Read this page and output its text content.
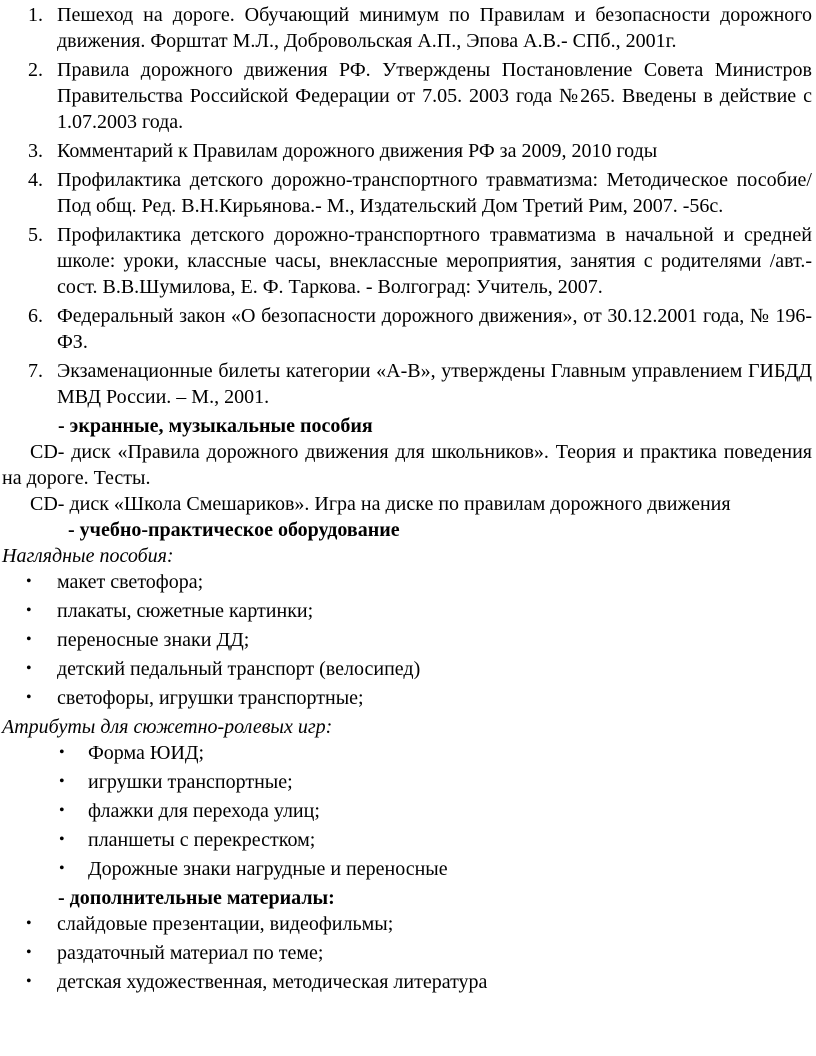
1. Пешеход на дороге. Обучающий минимум по Правилам и безопасности дорожного движения. Форштат М.Л., Добровольская А.П., Эпова А.В.- СПб., 2001г.
2. Правила дорожного движения РФ. Утверждены Постановление Совета Министров Правительства Российской Федерации от 7.05. 2003 года №265. Введены в действие с 1.07.2003 года.
3. Комментарий к Правилам дорожного движения РФ за 2009, 2010 годы
4. Профилактика детского дорожно-транспортного травматизма: Методическое пособие/ Под общ. Ред. В.Н.Кирьянова.- М., Издательский Дом Третий Рим, 2007. -56с.
5. Профилактика детского дорожно-транспортного травматизма в начальной и средней школе: уроки, классные часы, внеклассные мероприятия, занятия с родителями /авт.-сост. В.В.Шумилова, Е. Ф. Таркова. - Волгоград: Учитель, 2007.
6. Федеральный закон «О безопасности дорожного движения», от 30.12.2001 года, № 196-ФЗ.
7. Экзаменационные билеты категории «А-В», утверждены Главным управлением ГИБДД МВД России. – М., 2001.
- экранные, музыкальные пособия

CD- диск «Правила дорожного движения для школьников». Теория и практика поведения на дороге. Тесты.

CD- диск «Школа Смешариков». Игра на диске по правилам дорожного движения

- учебно-практическое оборудование

Наглядные пособия:

• макет светофора;
• плакаты, сюжетные картинки;
• переносные знаки ДД;
• детский педальный транспорт (велосипед)
• светофоры, игрушки транспортные;

Атрибуты для сюжетно-ролевых игр:

• Форма ЮИД;
• игрушки транспортные;
• флажки для перехода улиц;
• планшеты с перекрестком;
• Дорожные знаки нагрудные и переносные
- дополнительные материалы:
• слайдовые презентации, видеофильмы;
• раздаточный материал по теме;
• детская художественная, методическая литература
